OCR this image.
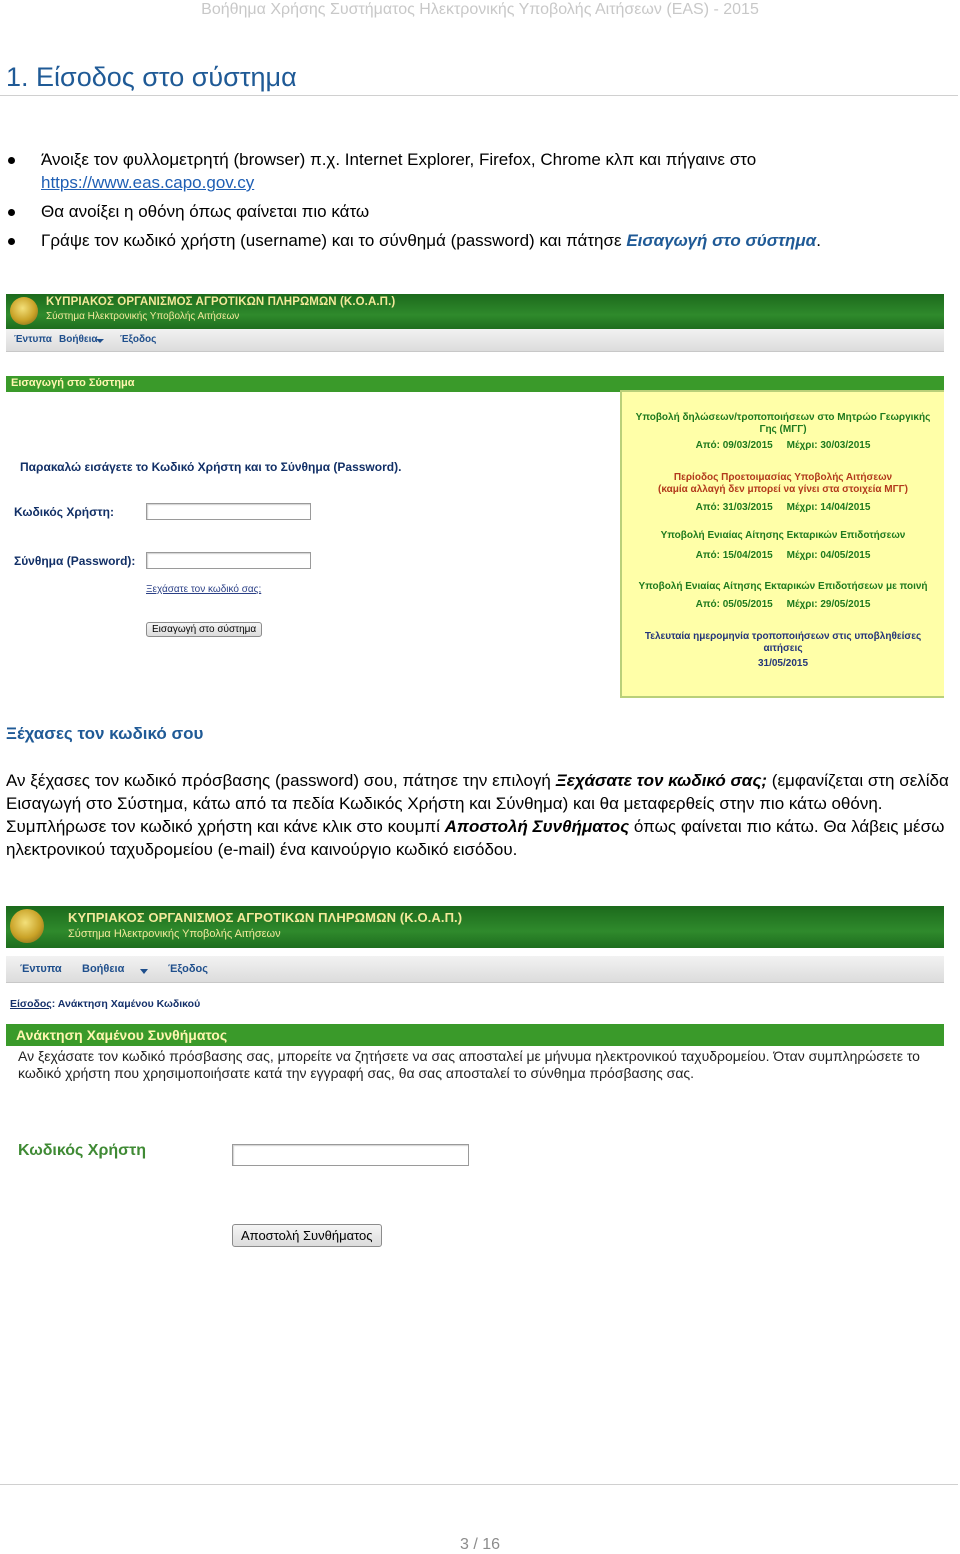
Βοήθημα Χρήσης Συστήματος Ηλεκτρονικής Υποβολής Αιτήσεων (EAS) - 2015
1. Είσοδος στο σύστημα
Άνοιξε τον φυλλομετρητή (browser) π.χ. Internet Explorer, Firefox, Chrome κλπ και πήγαινε στο
https://www.eas.capo.gov.cy
Θα ανοίξει η οθόνη όπως φαίνεται πιο κάτω
Γράψε τον κωδικό χρήστη (username) και το σύνθημά (password) και πάτησε Εισαγωγή στο σύστημα.
ΚΥΠΡΙΑΚΟΣ ΟΡΓΑΝΙΣΜΟΣ ΑΓΡΟΤΙΚΩΝ ΠΛΗΡΩΜΩΝ (Κ.Ο.Α.Π.)
Σύστημα Ηλεκτρονικής Υποβολής Αιτήσεων
Έντυπα Βοήθεια Έξοδος
Εισαγωγή στο Σύστημα
Παρακαλώ εισάγετε το Κωδικό Χρήστη και το Σύνθημα (Password).
Κωδικός Χρήστη:
Σύνθημα (Password):
Ξεχάσατε τον κωδικό σας;
Εισαγωγή στο σύστημα
Υποβολή δηλώσεων/τροποποιήσεων στο Μητρώο Γεωργικής
Γης (ΜΓΓ)
Από: 09/03/2015 Μέχρι: 30/03/2015
Περίοδος Προετοιμασίας Υποβολής Αιτήσεων
(καμία αλλαγή δεν μπορεί να γίνει στα στοιχεία ΜΓΓ)
Από: 31/03/2015 Μέχρι: 14/04/2015
Υποβολή Ενιαίας Αίτησης Εκταρικών Επιδοτήσεων
Από: 15/04/2015 Μέχρι: 04/05/2015
Υποβολή Ενιαίας Αίτησης Εκταρικών Επιδοτήσεων με ποινή
Από: 05/05/2015 Μέχρι: 29/05/2015
Τελευταία ημερομηνία τροποποιήσεων στις υποβληθείσες
αιτήσεις
31/05/2015
Ξέχασες τον κωδικό σου
Αν ξέχασες τον κωδικό πρόσβασης (password) σου, πάτησε την επιλογή Ξεχάσατε τον κωδικό σας; (εμφανίζεται στη σελίδα Εισαγωγή στο Σύστημα, κάτω από τα πεδία Κωδικός Χρήστη και Σύνθημα) και θα μεταφερθείς στην πιο κάτω οθόνη. Συμπλήρωσε τον κωδικό χρήστη και κάνε κλικ στο κουμπί Αποστολή Συνθήματος όπως φαίνεται πιο κάτω. Θα λάβεις μέσω ηλεκτρονικού ταχυδρομείου (e-mail) ένα καινούργιο κωδικό εισόδου.
ΚΥΠΡΙΑΚΟΣ ΟΡΓΑΝΙΣΜΟΣ ΑΓΡΟΤΙΚΩΝ ΠΛΗΡΩΜΩΝ (Κ.Ο.Α.Π.)
Σύστημα Ηλεκτρονικής Υποβολής Αιτήσεων
Έντυπα Βοήθεια	Έξοδος
Είσοδος: Ανάκτηση Χαμένου Κωδικού
Ανάκτηση Χαμένου Συνθήματος
Αν ξεχάσατε τον κωδικό πρόσβασης σας, μπορείτε να ζητήσετε να σας αποσταλεί με μήνυμα ηλεκτρονικού ταχυδρομείου. Όταν συμπληρώσετε το κωδικό χρήστη που χρησιμοποιήσατε κατά την εγγραφή σας, θα σας αποσταλεί το σύνθημα πρόσβασης σας.
Κωδικός Χρήστη
Αποστολή Συνθήματος
3 / 16
